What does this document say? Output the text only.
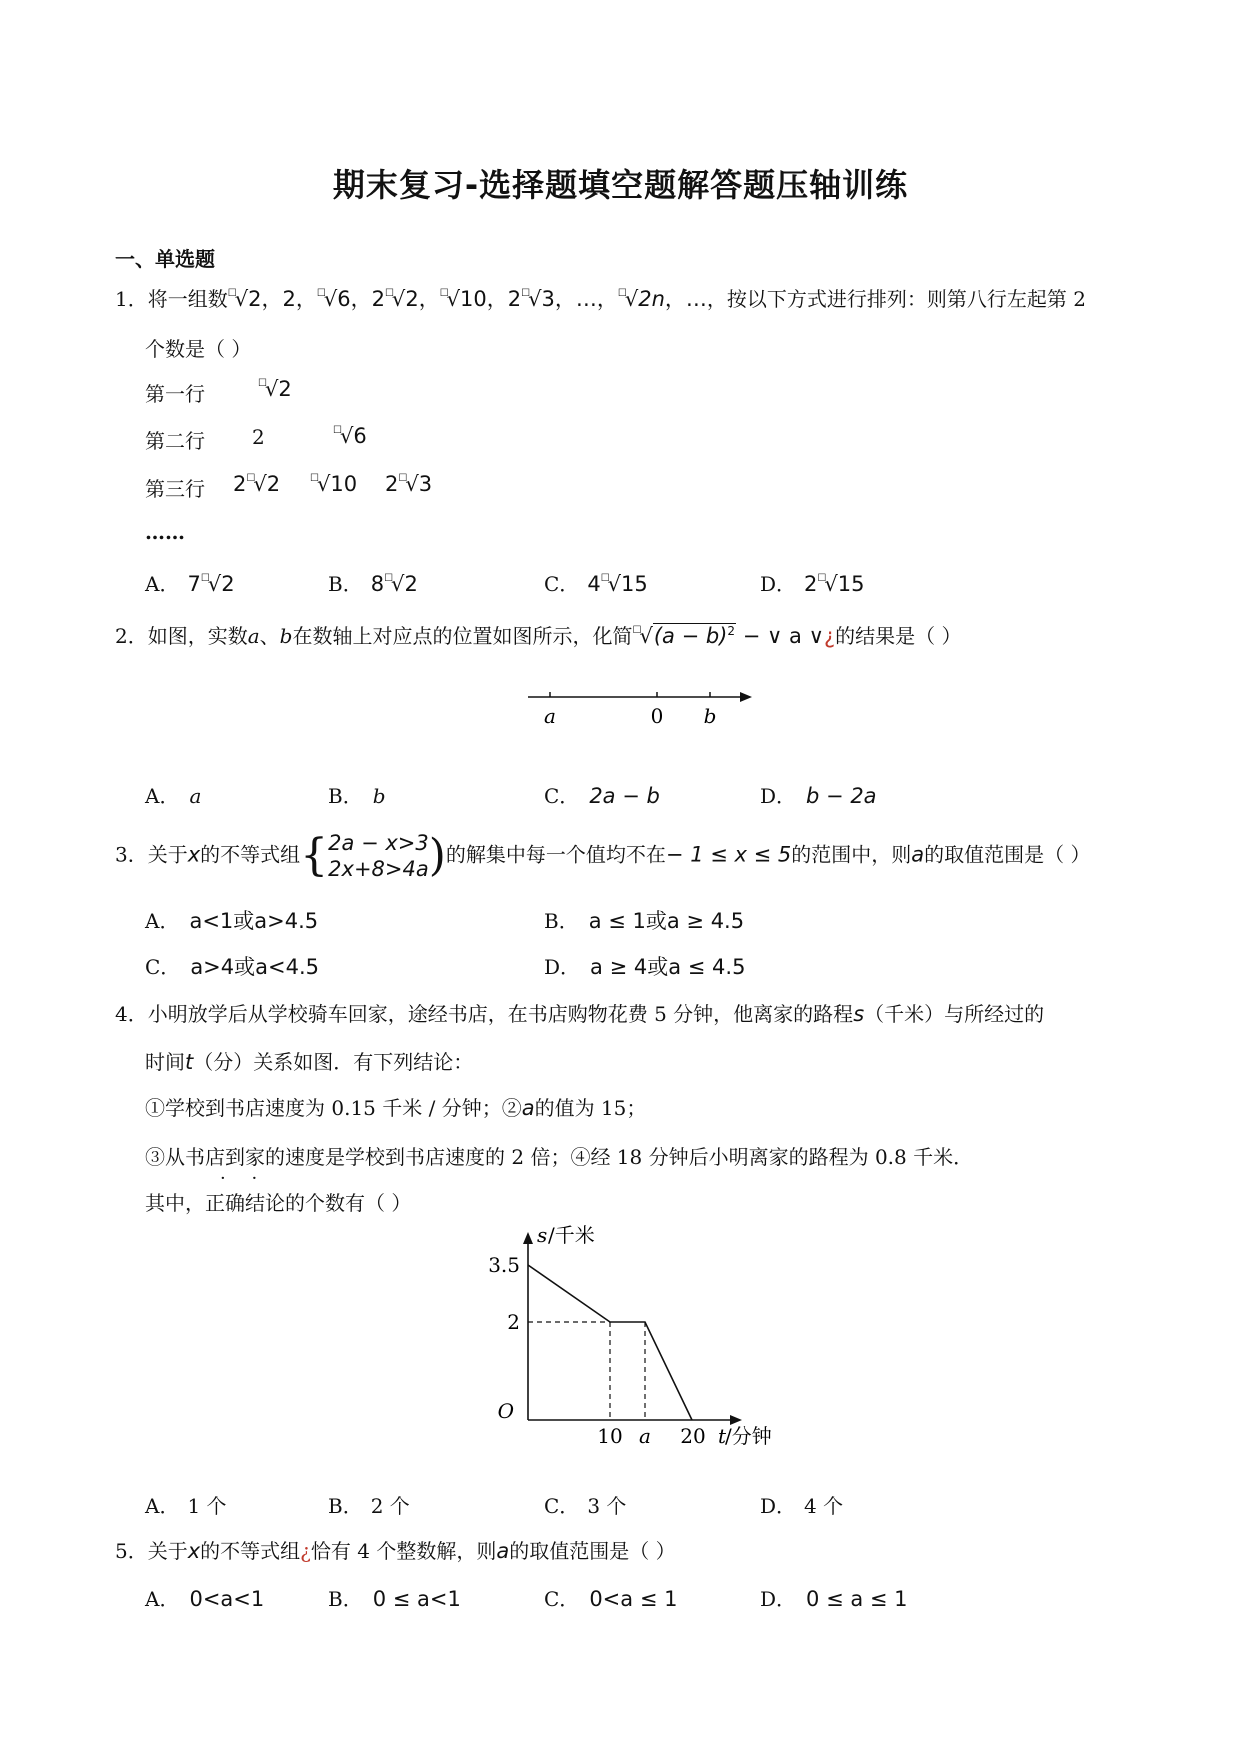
期末复习-选择题填空题解答题压轴训练
一、单选题
1．将一组数☐√2，2，☐√6，2☐√2，☐√10，2☐√3，…，☐√2n，…，按以下方式进行排列：则第八行左起第 2
个数是（ ）
第一行	☐√2
第二行 2	☐√6
第三行 2☐√2	☐√10 2☐√3
……
A． 7☐√2	B． 8☐√2	C． 4☐√15	D． 2☐√15
2．如图，实数a、b在数轴上对应点的位置如图所示，化简$^☐√(a - b)^2$ − ∨ a ∨¿的结果是（ ）
a	0 b
A． a	B． b	C． 2a − b	D． b − 2a
3．关于x的不等式组{2a − x>3
2x+8>4a)的解集中每一个值均不在− 1 ≤ x ≤ 5的范围中，则a的取值范围是（ ）
A． a<1或a>4.5	B． a ≤ 1或a ≥ 4.5
C． a>4或a<4.5	D． a ≥ 4或a ≤ 4.5
4．小明放学后从学校骑车回家，途经书店，在书店购物花费 5 分钟，他离家的路程s（千米）与所经过的
时间t（分）关系如图．有下列结论：
①学校到书店速度为 0.15 千米 / 分钟；②a的值为 15；
③从书店到家的速度是学校到书店速度的 2 倍；④经 18 分钟后小明离家的路程为 0.8 千米．
· ·
其中，正确结论的个数有（ ）
s /千米
3.5
2
O
10 a 20 t
/分钟
A． 1 个	B． 2 个	C． 3 个	D． 4 个
5．关于x的不等式组¿恰有 4 个整数解，则a的取值范围是（ ）
A． 0<a<1	B． 0 ≤ a<1	C． 0<a ≤ 1	D． 0 ≤ a ≤ 1
